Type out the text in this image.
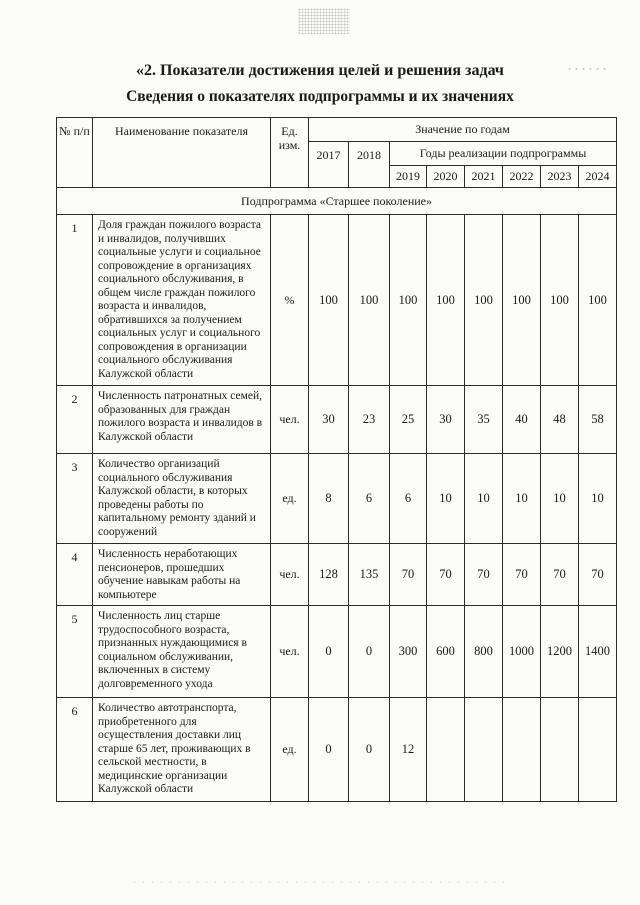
«2. Показатели достижения целей и решения задач
Сведения о показателях подпрограммы и их значениях
№ п/п	Наименование показателя	Ед. изм.	Значение по годам							
			2017	2018	Годы реализации подпрограммы					
					2019	2020	2021	2022	2023	2024
Подпрограмма «Старшее поколение»										
1	Доля граждан пожилого возраста и инвалидов, получивших социальные услуги и социальное сопровождение в организациях социального обслуживания, в общем числе граждан пожилого возраста и инвалидов, обратившихся за получением социальных услуг и социального сопровождения в организации социального обслуживания Калужской области	%	100	100	100	100	100	100	100	100
2	Численность патронатных семей, образованных для граждан пожилого возраста и инвалидов в Калужской области	чел.	30	23	25	30	35	40	48	58
3	Количество организаций социального обслуживания Калужской области, в которых проведены работы по капитальному ремонту зданий и сооружений	ед.	8	6	6	10	10	10	10	10
4	Численность неработающих пенсионеров, прошедших обучение навыкам работы на компьютере	чел.	128	135	70	70	70	70	70	70
5	Численность лиц старше трудоспособного возраста, признанных нуждающимися в социальном обслуживании, включенных в систему долговременного ухода	чел.	0	0	300	600	800	1000	1200	1400
6	Количество автотранспорта, приобретенного для осуществления доставки лиц старше 65 лет, проживающих в сельской местности, в медицинские организации Калужской области	ед.	0	0	12					
